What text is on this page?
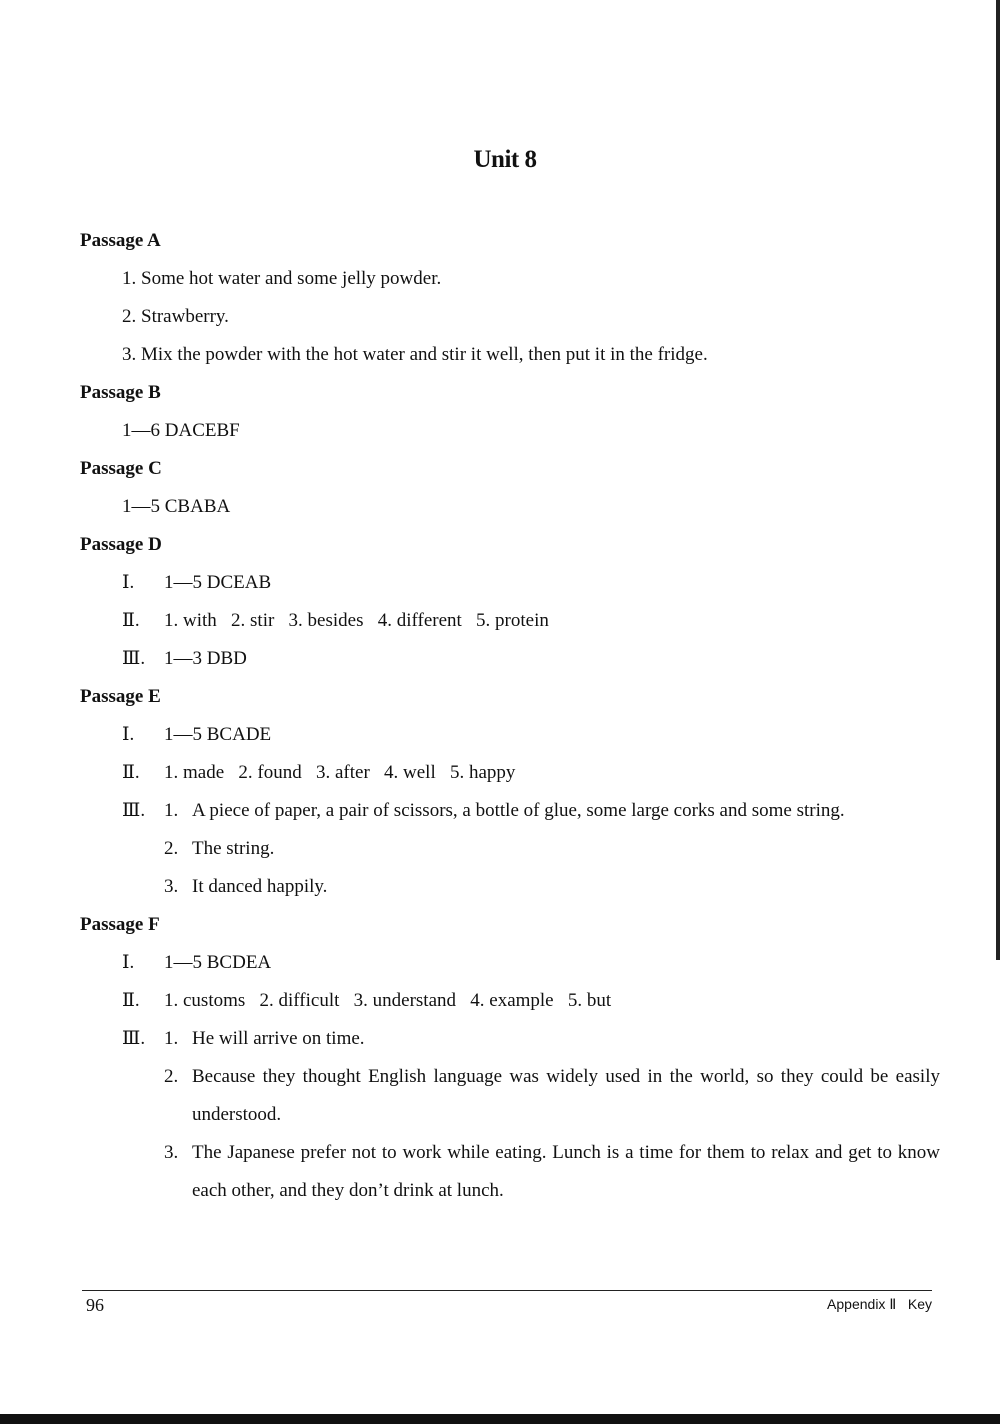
Unit 8
Passage A
1. Some hot water and some jelly powder.
2. Strawberry.
3. Mix the powder with the hot water and stir it well, then put it in the fridge.
Passage B
1—6 DACEBF
Passage C
1—5 CBABA
Passage D
Ⅰ.	1—5 DCEAB
Ⅱ.	1. with   2. stir   3. besides   4. different   5. protein
Ⅲ. 1—3 DBD
Passage E
Ⅰ.	1—5 BCADE
Ⅱ.	1. made   2. found   3. after   4. well   5. happy
Ⅲ. 1. A piece of paper, a pair of scissors, a bottle of glue, some large corks and some string.
2. The string.
3. It danced happily.
Passage F
Ⅰ.	1—5 BCDEA
Ⅱ.	1. customs   2. difficult   3. understand   4. example   5. but
Ⅲ. 1. He will arrive on time.
2. Because they thought English language was widely used in the world, so they could be easily understood.
3. The Japanese prefer not to work while eating. Lunch is a time for them to relax and get to know each other, and they don’t drink at lunch.
96	Appendix Ⅱ   Key
